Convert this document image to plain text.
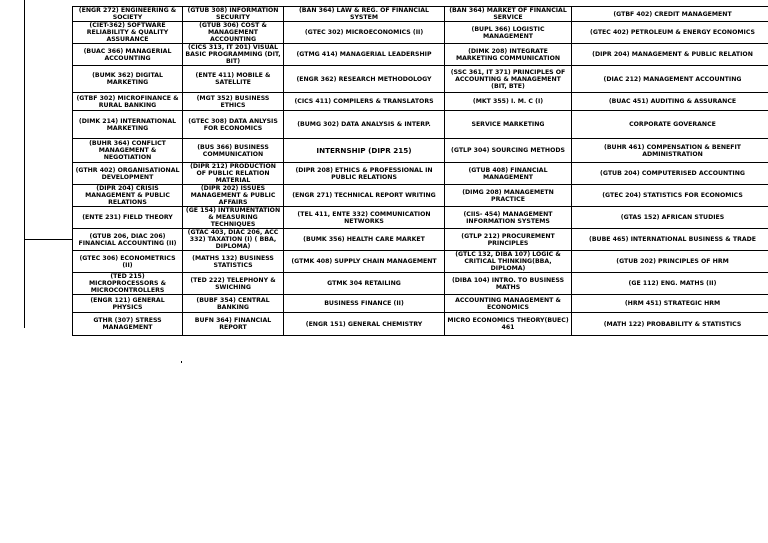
(ENGR 272) ENGINEERING & SOCIETY	(GTUB 308) INFORMATION SECURITY	(BAN 364) LAW & REG. OF FINANCIAL SYSTEM	(BAN 364) MARKET OF FINANCIAL SERVICE	(GTBF 402) CREDIT MANAGEMENT
(CIET-362) SOFTWARE RELIABILITY & QUALITY ASSURANCE	(GTUB 306) COST & MANAGEMENT ACCOUNTING	(GTEC 302) MICROECONOMICS (II)	(BUPL 366) LOGISTIC MANAGEMENT	(GTEC 402) PETROLEUM & ENERGY ECONOMICS
(BUAC 366) MANAGERIAL ACCOUNTING	(CICS 313, IT 201) VISUAL BASIC PROGRAMMING (DIT, BIT)	(GTMG 414) MANAGERIAL LEADERSHIP	(DIMK 208) INTEGRATE MARKETING COMMUNICATION	(DIPR 204) MANAGEMENT & PUBLIC RELATION
(BUMK 362) DIGITAL MARKETING	(ENTE 411) MOBILE & SATELLITE	(ENGR 362) RESEARCH METHODOLOGY	(SSC 361, IT 371) PRINCIPLES OF ACCOUNTING & MANAGEMENT (BIT, BTE)	(DIAC 212) MANAGEMENT ACCOUNTING
(GTBF 302) MICROFINANCE & RURAL BANKING	(MGT 352) BUSINESS ETHICS	(CICS 411) COMPILERS & TRANSLATORS	(MKT 355) I. M. C (I)	(BUAC 451) AUDITING & ASSURANCE
(DIMK 214) INTERNATIONAL MARKETING	(GTEC 308) DATA ANLYSIS FOR ECONOMICS	(BUMG 302) DATA ANALYSIS & INTERP.	SERVICE MARKETING	CORPORATE GOVERANCE
(BUHR 364) CONFLICT MANAGEMENT & NEGOTIATION	(BUS 366) BUSINESS COMMUNICATION	INTERNSHIP (DIPR 215)	(GTLP 304) SOURCING METHODS	(BUHR 461) COMPENSATION & BENEFIT ADMINISTRATION
(GTHR 402) ORGANISATIONAL DEVELOPMENT	(DIPR 212) PRODUCTION OF PUBLIC RELATION MATERIAL	(DIPR 208) ETHICS & PROFESSIONAL IN PUBLIC RELATIONS	(GTUB 408) FINANCIAL MANAGEMENT	(GTUB 204) COMPUTERISED ACCOUNTING
(DIPR 204) CRISIS MANAGEMENT & PUBLIC RELATIONS	(DIPR 202) ISSUES MANAGEMENT & PUBLIC AFFAIRS	(ENGR 271) TECHNICAL REPORT WRITING	(DIMG 208) MANAGEMETN PRACTICE	(GTEC 204) STATISTICS FOR ECONOMICS
(ENTE 231) FIELD THEORY	(GE 154) INTRUMENTATION & MEASURING TECHNIQUES	(TEL 411, ENTE 332) COMMUNICATION NETWORKS	(CIIS- 454) MANAGEMENT INFORMATION SYSTEMS	(GTAS 152) AFRICAN STUDIES
(GTUB 206, DIAC 206) FINANCIAL ACCOUNTING (II)	(GTAC 403, DIAC 206, ACC 332) TAXATION (I) ( BBA, DIPLOMA)	(BUMK 356) HEALTH CARE MARKET	(GTLP 212) PROCUREMENT PRINCIPLES	(BUBE 465) INTERNATIONAL BUSINESS & TRADE
(GTEC 306) ECONOMETRICS (II)	(MATHS 132) BUSINESS STATISTICS	(GTMK 408) SUPPLY CHAIN MANAGEMENT	(GTLC 132, DIBA 107) LOGIC & CRITICAL THINKING(BBA, DIPLOMA)	(GTUB 202) PRINCIPLES OF HRM
(TED 215) MICROPROCESSORS & MICROCONTROLLERS	(TED 222) TELEPHONY & SWICHING	GTMK 304 RETAILING	(DIBA 104) INTRO. TO BUSINESS MATHS	(GE 112) ENG. MATHS (II)
(ENGR 121) GENERAL PHYSICS	(BUBF 354) CENTRAL BANKING	BUSINESS FINANCE (II)	ACCOUNTING MANAGEMENT & ECONOMICS	(HRM 451) STRATEGIC HRM
GTHR (307) STRESS MANAGEMENT	BUFN 364) FINANCIAL REPORT	(ENGR 151) GENERAL CHEMISTRY	MICRO ECONOMICS THEORY(BUEC) 461	(MATH 122) PROBABILITY & STATISTICS
